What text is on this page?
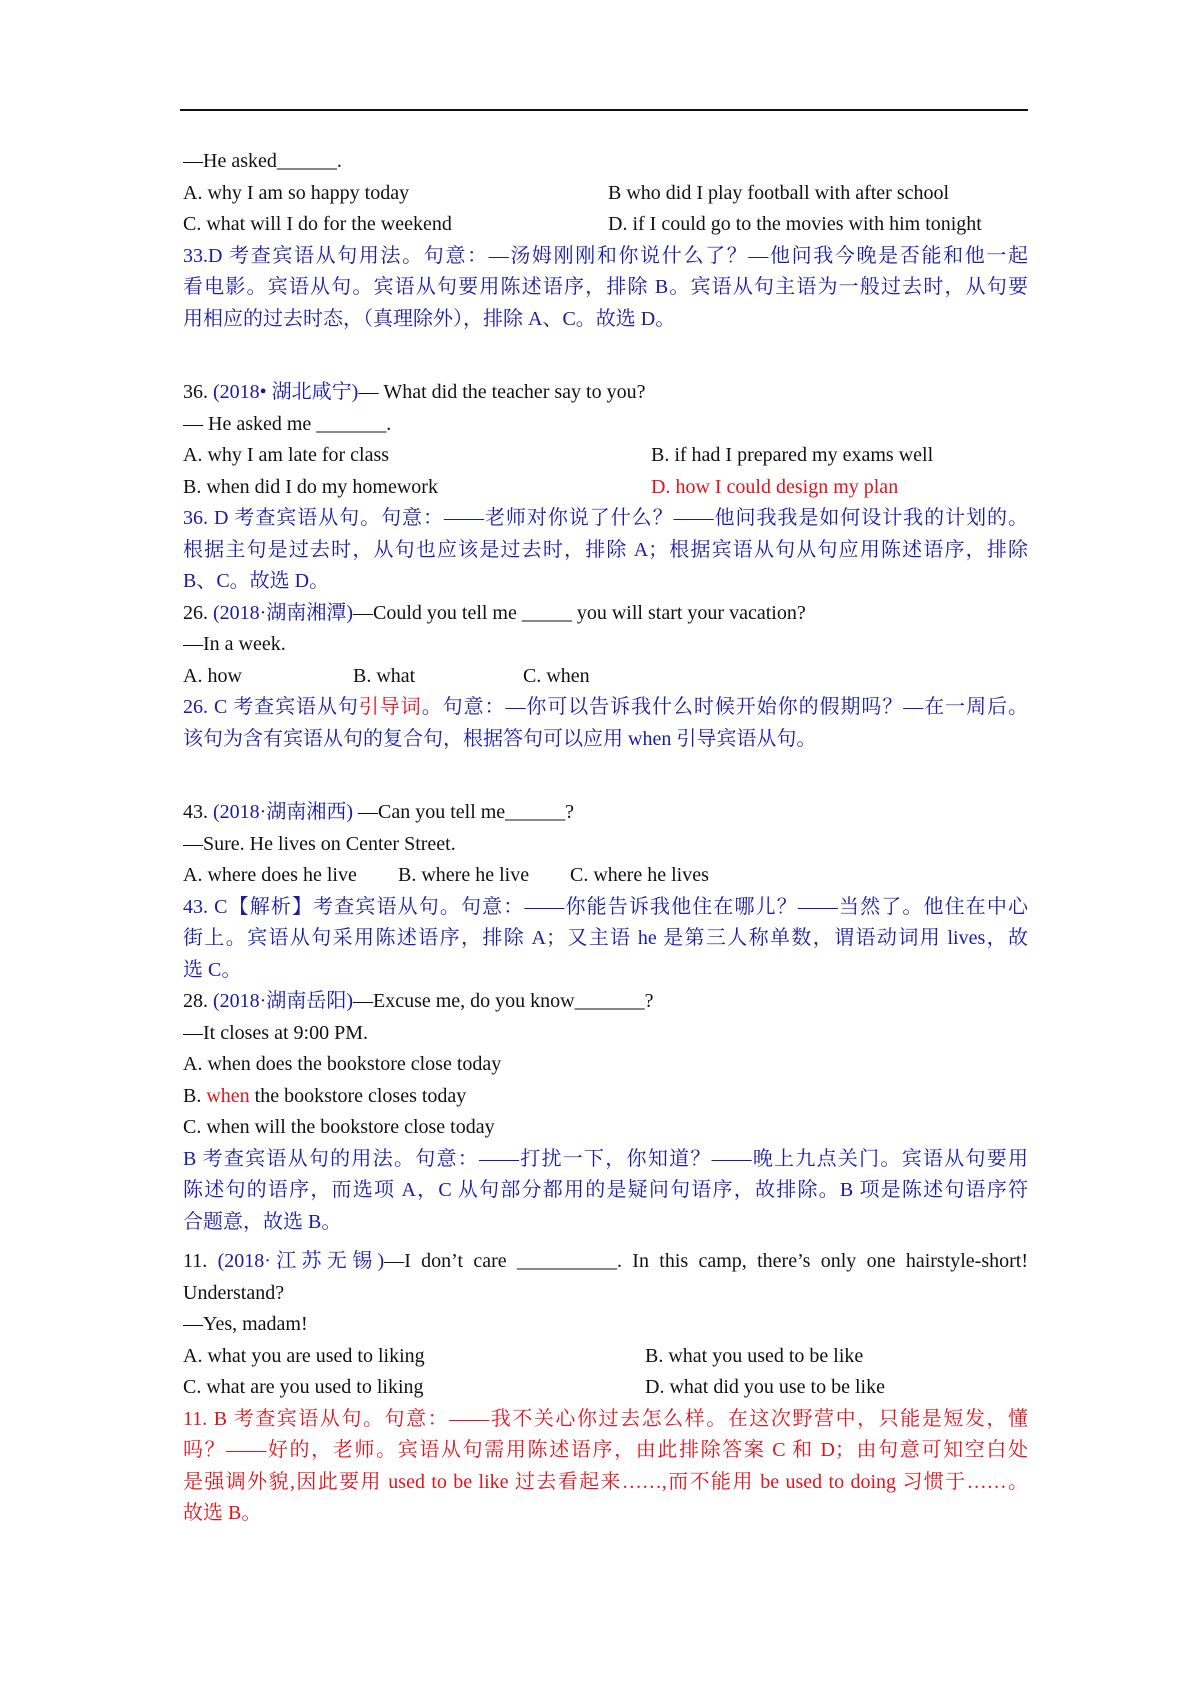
—He asked______.
A. why I am so happy today	B who did I play football with after school
C. what will I do for the weekend	D. if I could go to the movies with him tonight
33.D 考查宾语从句用法。句意：—汤姆刚刚和你说什么了？—他问我今晚是否能和他一起
看电影。宾语从句。宾语从句要用陈述语序，排除 B。宾语从句主语为一般过去时，从句要
用相应的过去时态，（真理除外），排除 A、C。故选 D。
36. (2018• 湖北咸宁)— What did the teacher say to you?
— He asked me _______.
A. why I am late for class	B. if had I prepared my exams well
B. when did I do my homework	D. how I could design my plan
36. D 考查宾语从句。句意：——老师对你说了什么？——他问我我是如何设计我的计划的。
根据主句是过去时，从句也应该是过去时，排除 A；根据宾语从句从句应用陈述语序，排除
B、C。故选 D。
26. (2018·湖南湘潭)—Could you tell me _____ you will start your vacation?
—In a week.
A. how	B. what	C. when
26. C 考查宾语从句引导词。句意：—你可以告诉我什么时候开始你的假期吗？—在一周后。
该句为含有宾语从句的复合句，根据答句可以应用 when 引导宾语从句。
43. (2018·湖南湘西) —Can you tell me______?
—Sure. He lives on Center Street.
A. where does he live	B. where he live	C. where he lives
43. C【解析】考查宾语从句。句意：——你能告诉我他住在哪儿？——当然了。他住在中心
街上。宾语从句采用陈述语序，排除 A；又主语 he 是第三人称单数，谓语动词用 lives，故
选 C。
28. (2018·湖南岳阳)—Excuse me, do you know_______?
—It closes at 9:00 PM.
A. when does the bookstore close today
B. when the bookstore closes today
C. when will the bookstore close today
B 考查宾语从句的用法。句意：——打扰一下，你知道？——晚上九点关门。宾语从句要用
陈述句的语序，而选项 A，C 从句部分都用的是疑问句语序，故排除。B 项是陈述句语序符
合题意，故选 B。
11. (2018·江苏无锡)—I don’t care __________. In this camp, there’s only one hairstyle-short!
Understand?
—Yes, madam!
A. what you are used to liking	B. what you used to be like
C. what are you used to liking	D. what did you use to be like
11. B 考查宾语从句。句意：——我不关心你过去怎么样。在这次野营中，只能是短发，懂
吗？——好的，老师。宾语从句需用陈述语序，由此排除答案 C 和 D；由句意可知空白处
是强调外貌,因此要用 used to be like 过去看起来……,而不能用 be used to doing 习惯于……。
故选 B。
